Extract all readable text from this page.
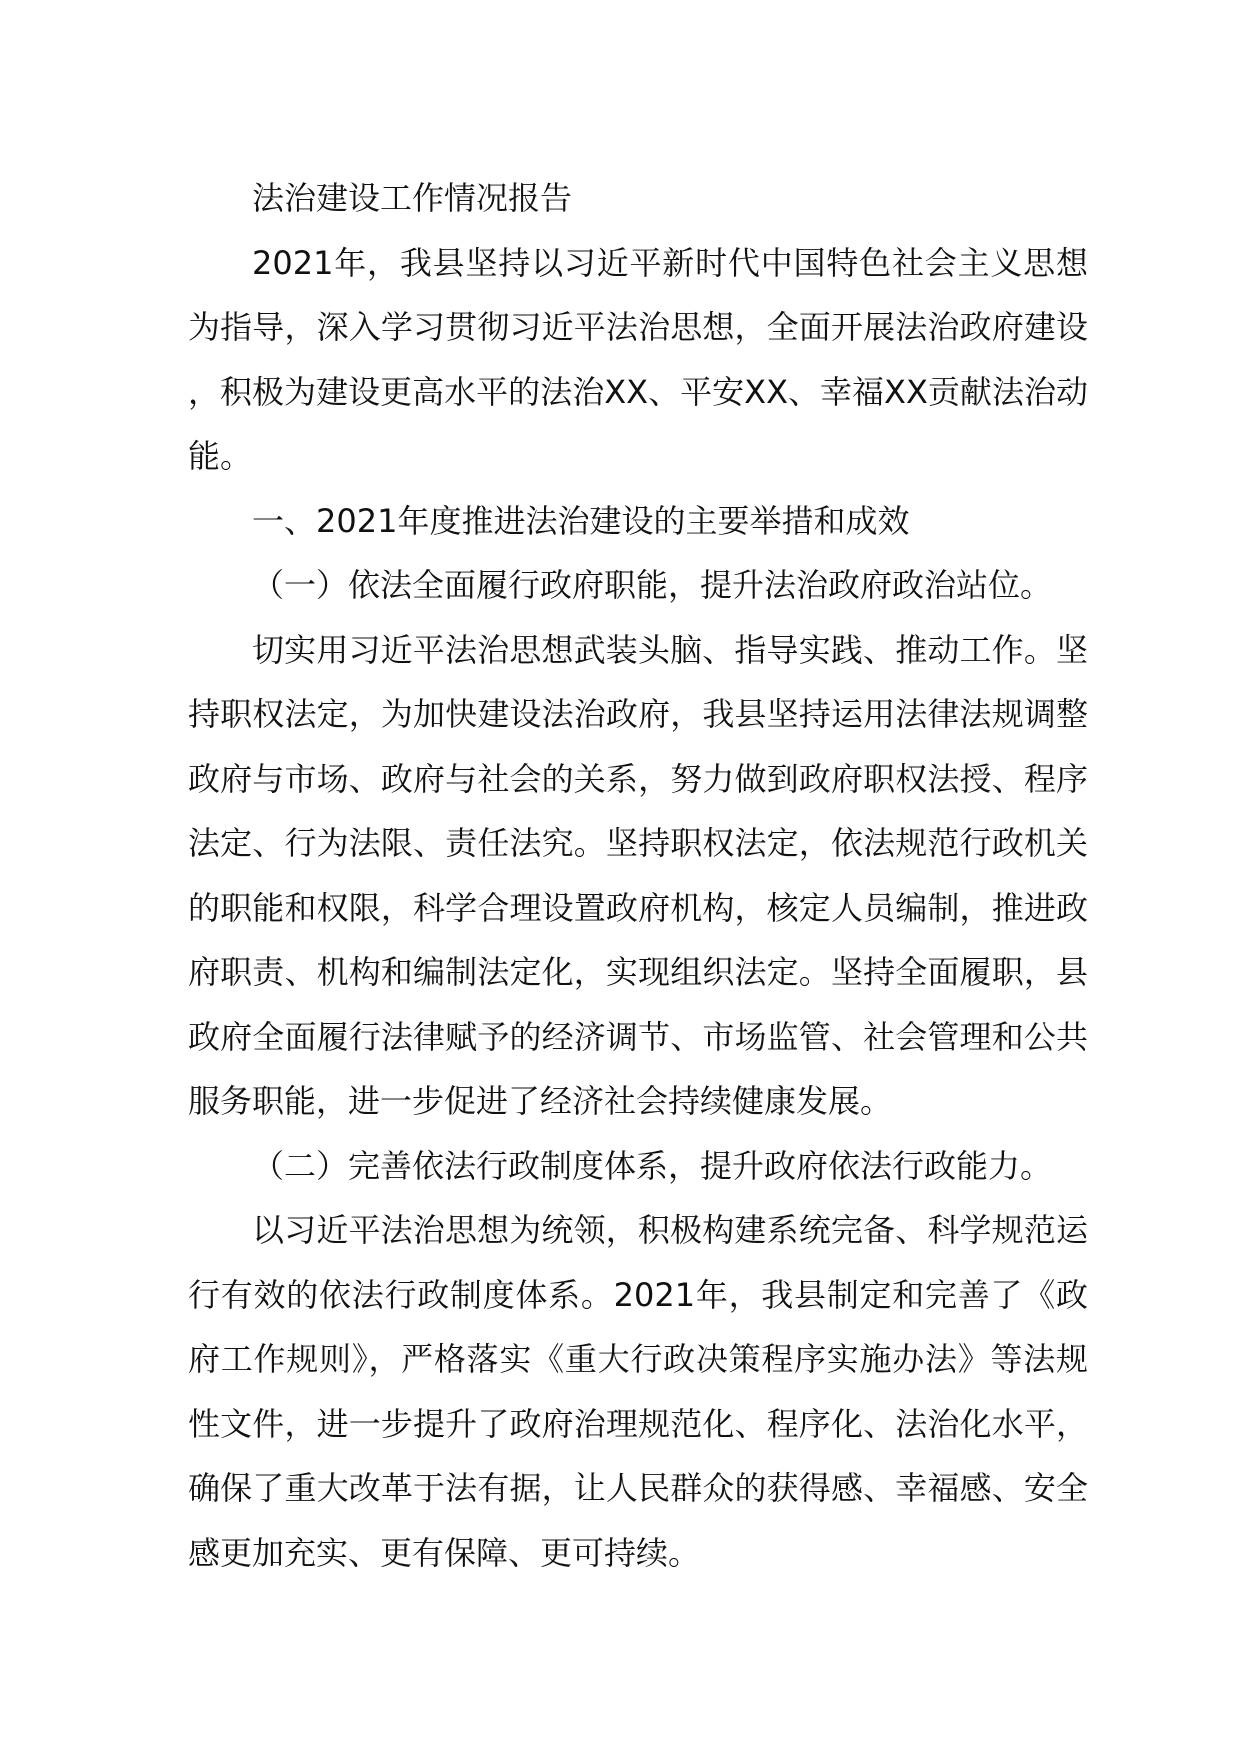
法治建设工作情况报告

2021年，我县坚持以习近平新时代中国特色社会主义思想为指导，深入学习贯彻习近平法治思想，全面开展法治政府建设，积极为建设更高水平的法治XX、平安XX、幸福XX贡献法治动能。

一、2021年度推进法治建设的主要举措和成效

（一）依法全面履行政府职能，提升法治政府政治站位。

切实用习近平法治思想武装头脑、指导实践、推动工作。坚持职权法定，为加快建设法治政府，我县坚持运用法律法规调整政府与市场、政府与社会的关系，努力做到政府职权法授、程序法定、行为法限、责任法究。坚持职权法定，依法规范行政机关的职能和权限，科学合理设置政府机构，核定人员编制，推进政府职责、机构和编制法定化，实现组织法定。坚持全面履职，县政府全面履行法律赋予的经济调节、市场监管、社会管理和公共服务职能，进一步促进了经济社会持续健康发展。

（二）完善依法行政制度体系，提升政府依法行政能力。

以习近平法治思想为统领，积极构建系统完备、科学规范运行有效的依法行政制度体系。2021年，我县制定和完善了《政府工作规则》，严格落实《重大行政决策程序实施办法》等法规性文件，进一步提升了政府治理规范化、程序化、法治化水平，确保了重大改革于法有据，让人民群众的获得感、幸福感、安全感更加充实、更有保障、更可持续。
